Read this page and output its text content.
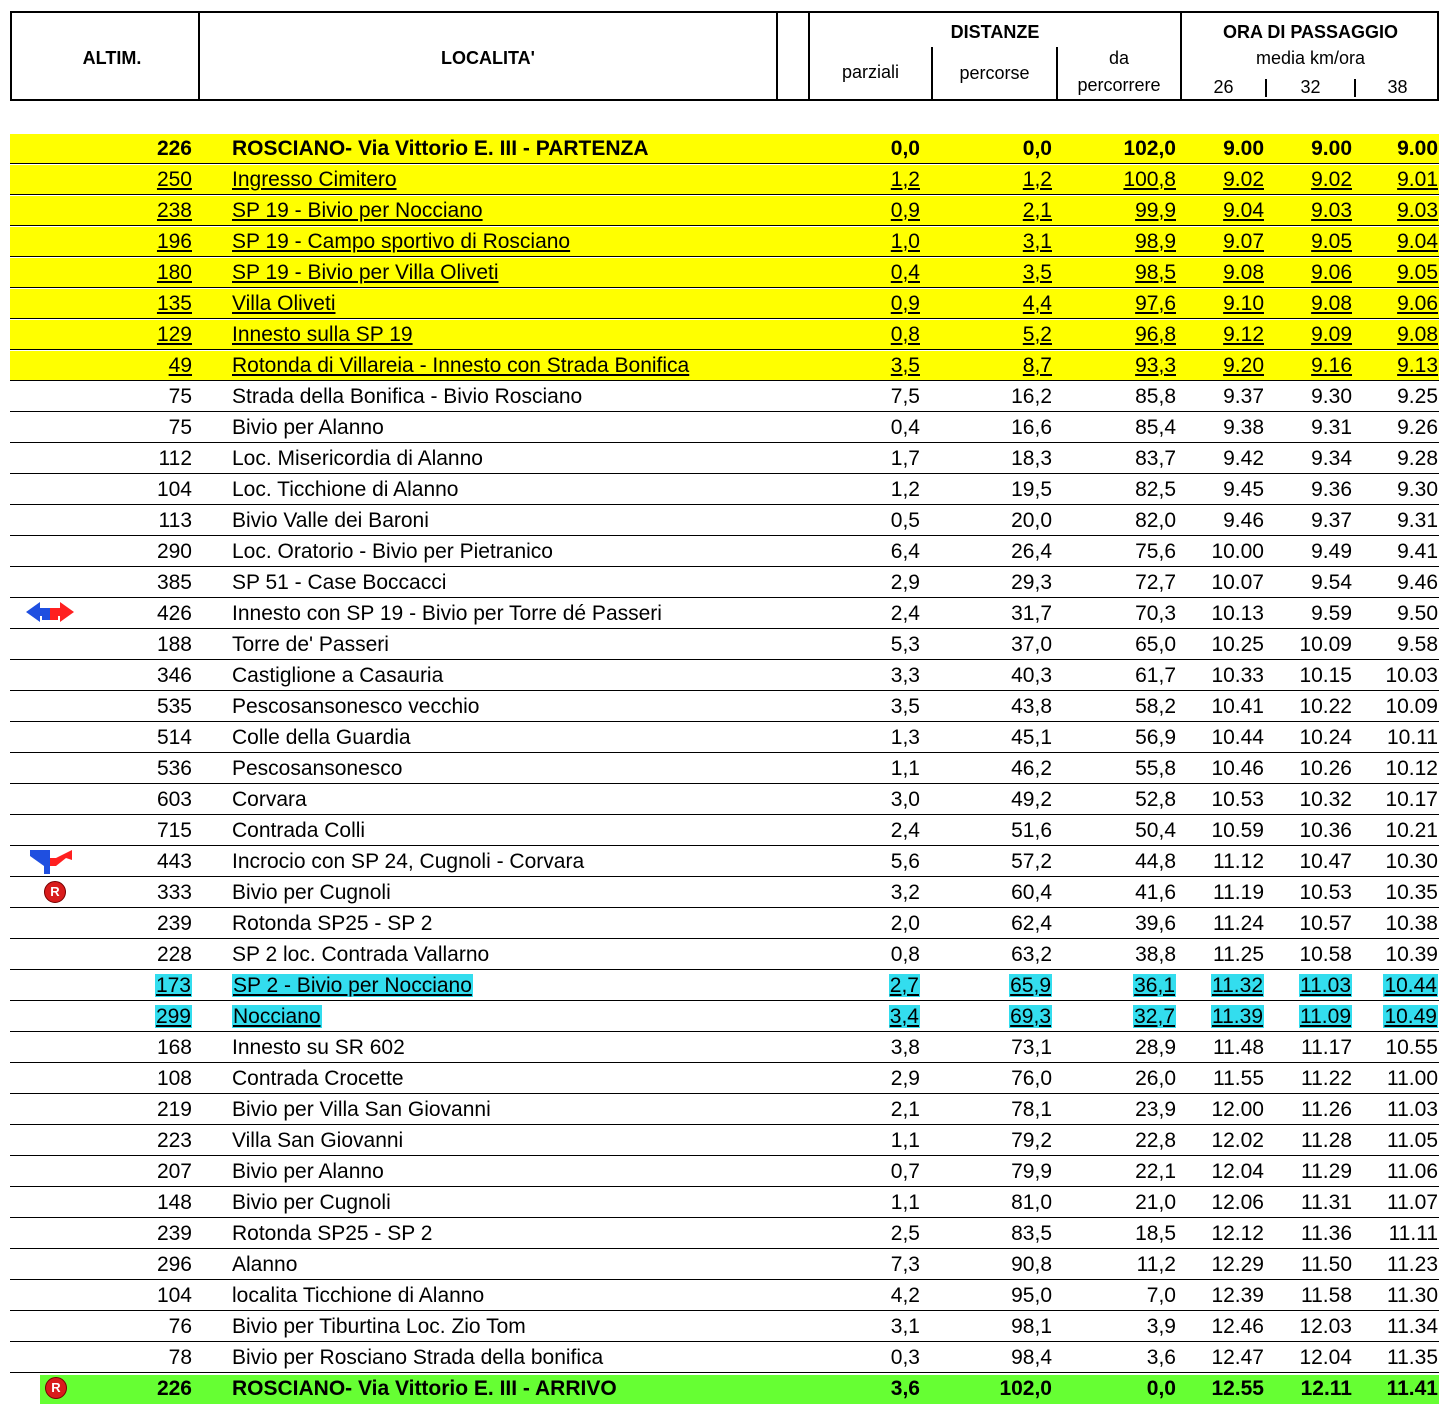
ALTIM.	LOCALITA'
DISTANZE
parziali	percorse
da
percorrere
ORA DI PASSAGGIO
media km/ora
26	32	38
226 ROSCIANO- Via Vittorio E. III - PARTENZA	0,0	0,0	102,0	9.00	9.00	9.00
250 Ingresso Cimitero	1,2	1,2	100,8	9.02	9.02	9.01
238 SP 19 - Bivio per Nocciano	0,9	2,1	99,9	9.04	9.03	9.03
196 SP 19 - Campo sportivo di Rosciano	1,0	3,1	98,9	9.07	9.05	9.04
180 SP 19 - Bivio per Villa Oliveti	0,4	3,5	98,5	9.08	9.06	9.05
135 Villa Oliveti	0,9	4,4	97,6	9.10	9.08	9.06
129 Innesto sulla SP 19	0,8	5,2	96,8	9.12	9.09	9.08
49 Rotonda di Villareia - Innesto con Strada Bonifica	3,5	8,7	93,3	9.20	9.16	9.13
75 Strada della Bonifica - Bivio Rosciano	7,5	16,2	85,8	9.37	9.30	9.25
75 Bivio per Alanno	0,4	16,6	85,4	9.38	9.31	9.26
112 Loc. Misericordia di Alanno	1,7	18,3	83,7	9.42	9.34	9.28
104 Loc. Ticchione di Alanno	1,2	19,5	82,5	9.45	9.36	9.30
113 Bivio Valle dei Baroni	0,5	20,0	82,0	9.46	9.37	9.31
290 Loc. Oratorio - Bivio per Pietranico	6,4	26,4	75,6	10.00	9.49	9.41
385 SP 51 - Case Boccacci	2,9	29,3	72,7	10.07	9.54	9.46
426 Innesto con SP 19 - Bivio per Torre dé Passeri	2,4	31,7	70,3	10.13	9.59	9.50
188 Torre de' Passeri	5,3	37,0	65,0	10.25	10.09	9.58
346 Castiglione a Casauria	3,3	40,3	61,7	10.33	10.15	10.03
535 Pescosansonesco vecchio	3,5	43,8	58,2	10.41	10.22	10.09
514 Colle della Guardia	1,3	45,1	56,9	10.44	10.24	10.11
536 Pescosansonesco	1,1	46,2	55,8	10.46	10.26	10.12
603 Corvara	3,0	49,2	52,8	10.53	10.32	10.17
715 Contrada Colli	2,4	51,6	50,4	10.59	10.36	10.21
443 Incrocio con SP 24, Cugnoli - Corvara	5,6	57,2	44,8	11.12	10.47	10.30
333 Bivio per Cugnoli	3,2	60,4	41,6	11.19	10.53	10.35
R
239 Rotonda SP25 - SP 2	2,0	62,4	39,6	11.24	10.57	10.38
228 SP 2 loc. Contrada Vallarno	0,8	63,2	38,8	11.25	10.58	10.39
173 SP 2 - Bivio per Nocciano	2,7	65,9	36,1	11.32	11.03	10.44
299 Nocciano	3,4	69,3	32,7	11.39	11.09	10.49
168 Innesto su SR 602	3,8	73,1	28,9	11.48	11.17	10.55
108 Contrada Crocette	2,9	76,0	26,0	11.55	11.22	11.00
219 Bivio per Villa San Giovanni	2,1	78,1	23,9	12.00	11.26	11.03
223 Villa San Giovanni	1,1	79,2	22,8	12.02	11.28	11.05
207 Bivio per Alanno	0,7	79,9	22,1	12.04	11.29	11.06
148 Bivio per Cugnoli	1,1	81,0	21,0	12.06	11.31	11.07
239 Rotonda SP25 - SP 2	2,5	83,5	18,5	12.12	11.36	11.11
296 Alanno	7,3	90,8	11,2	12.29	11.50	11.23
104 localita Ticchione di Alanno	4,2	95,0	7,0	12.39	11.58	11.30
76 Bivio per Tiburtina Loc. Zio Tom	3,1	98,1	3,9	12.46	12.03	11.34
78 Bivio per Rosciano Strada della bonifica	0,3	98,4	3,6	12.47	12.04	11.35
226 ROSCIANO- Via Vittorio E. III - ARRIVO	3,6	102,0	0,0	12.55	12.11	11.41
R
